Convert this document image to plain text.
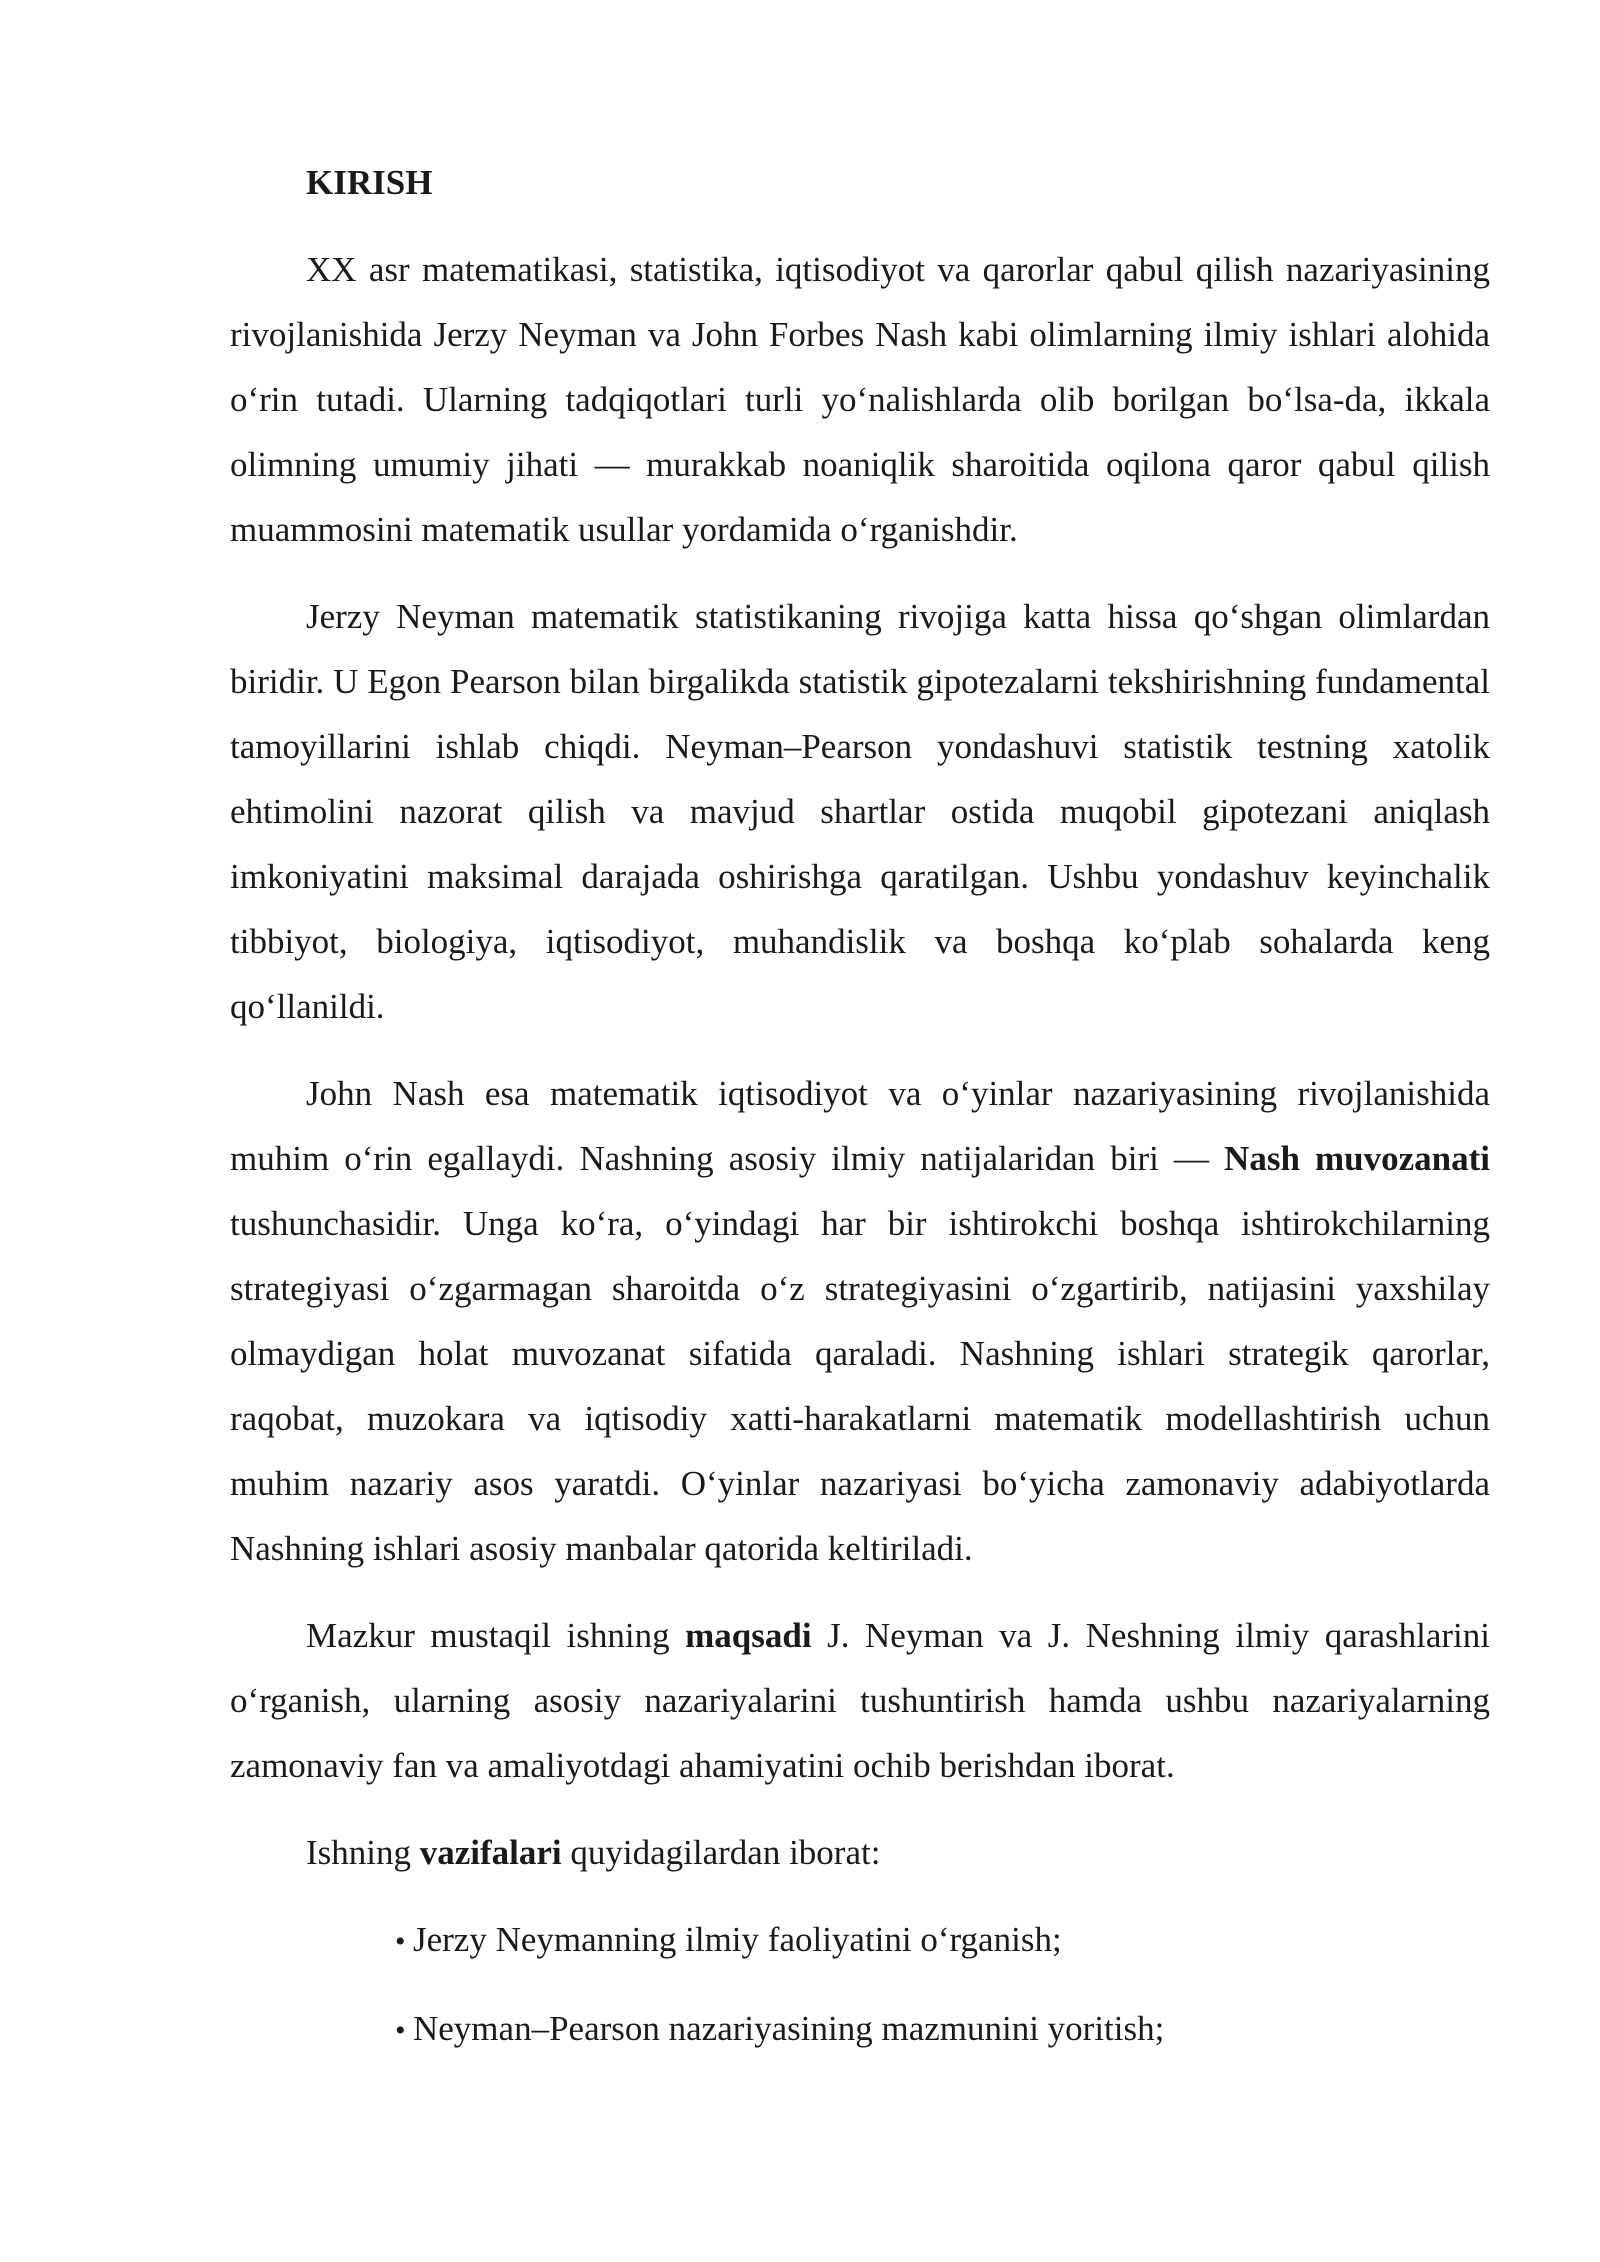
KIRISH

XX asr matematikasi, statistika, iqtisodiyot va qarorlar qabul qilish nazariyasining rivojlanishida Jerzy Neyman va John Forbes Nash kabi olimlarning ilmiy ishlari alohida o‘rin tutadi. Ularning tadqiqotlari turli yo‘nalishlarda olib borilgan bo‘lsa-da, ikkala olimning umumiy jihati — murakkab noaniqlik sharoitida oqilona qaror qabul qilish muammosini matematik usullar yordamida o‘rganishdir.

Jerzy Neyman matematik statistikaning rivojiga katta hissa qo‘shgan olimlardan biridir. U Egon Pearson bilan birgalikda statistik gipotezalarni tekshirishning fundamental tamoyillarini ishlab chiqdi. Neyman–Pearson yondashuvi statistik testning xatolik ehtimolini nazorat qilish va mavjud shartlar ostida muqobil gipotezani aniqlash imkoniyatini maksimal darajada oshirishga qaratilgan. Ushbu yondashuv keyinchalik tibbiyot, biologiya, iqtisodiyot, muhandislik va boshqa ko‘plab sohalarda keng qo‘llanildi.

John Nash esa matematik iqtisodiyot va o‘yinlar nazariyasining rivojlanishida muhim o‘rin egallaydi. Nashning asosiy ilmiy natijalaridan biri — Nash muvozanati tushunchasidir. Unga ko‘ra, o‘yindagi har bir ishtirokchi boshqa ishtirokchilarning strategiyasi o‘zgarmagan sharoitda o‘z strategiyasini o‘zgartirib, natijasini yaxshilay olmaydigan holat muvozanat sifatida qaraladi. Nashning ishlari strategik qarorlar, raqobat, muzokara va iqtisodiy xatti-harakatlarni matematik modellashtirish uchun muhim nazariy asos yaratdi. O‘yinlar nazariyasi bo‘yicha zamonaviy adabiyotlarda Nashning ishlari asosiy manbalar qatorida keltiriladi.

Mazkur mustaqil ishning maqsadi J. Neyman va J. Neshning ilmiy qarashlarini o‘rganish, ularning asosiy nazariyalarini tushuntirish hamda ushbu nazariyalarning zamonaviy fan va amaliyotdagi ahamiyatini ochib berishdan iborat.

Ishning vazifalari quyidagilardan iborat:

• Jerzy Neymanning ilmiy faoliyatini o‘rganish;
• Neyman–Pearson nazariyasining mazmunini yoritish;
